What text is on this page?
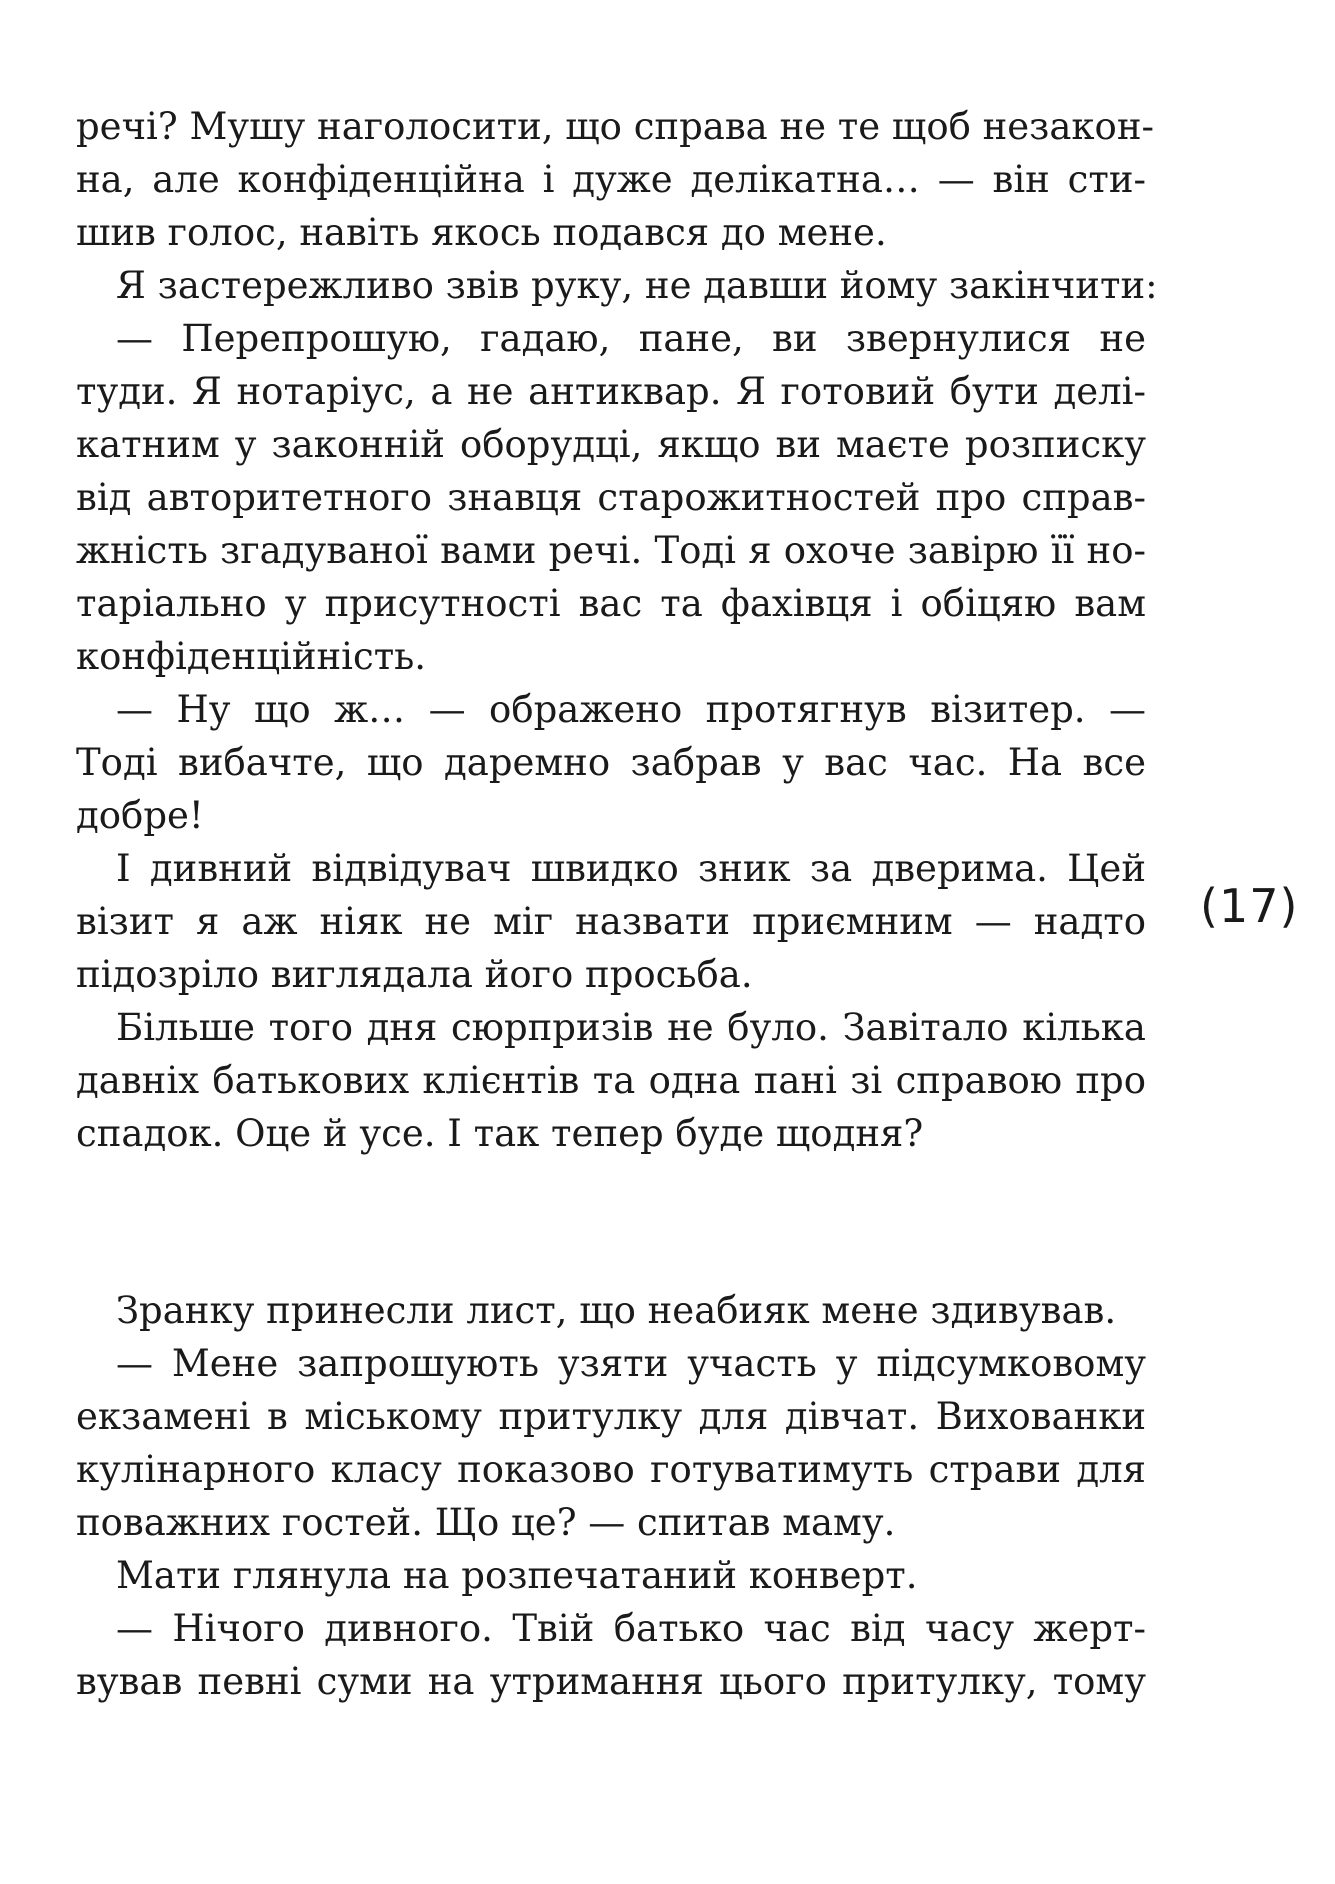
речі? Мушу наголосити, що справа не те щоб незакон-
на, але конфіденційна і дуже делікатна… — він сти-
шив голос, навіть якось подався до мене.
Я застережливо звів руку, не давши йому закінчити:
— Перепрошую, гадаю, пане, ви звернулися не
туди. Я нотаріус, а не антиквар. Я готовий бути делі-
катним у законній оборудці, якщо ви маєте розписку
від авторитетного знавця старожитностей про справ-
жність згадуваної вами речі. Тоді я охоче завірю її но-
таріально у присутності вас та фахівця і обіцяю вам
конфіденційність.
— Ну що ж… — ображено протягнув візитер. —
Тоді вибачте, що даремно забрав у вас час. На все
добре!
І дивний відвідувач швидко зник за дверима. Цей
візит я аж ніяк не міг назвати приємним — надто
підозріло виглядала його просьба.
Більше того дня сюрпризів не було. Завітало кілька
давніх батькових клієнтів та одна пані зі справою про
спадок. Оце й усе. І так тепер буде щодня?
Зранку принесли лист, що неабияк мене здивував.
— Мене запрошують узяти участь у підсумковому
екзамені в міському притулку для дівчат. Вихованки
кулінарного класу показово готуватимуть страви для
поважних гостей. Що це? — спитав маму.
Мати глянула на розпечатаний конверт.
— Нічого дивного. Твій батько час від часу жерт-
вував певні суми на утримання цього притулку, тому
(17)
